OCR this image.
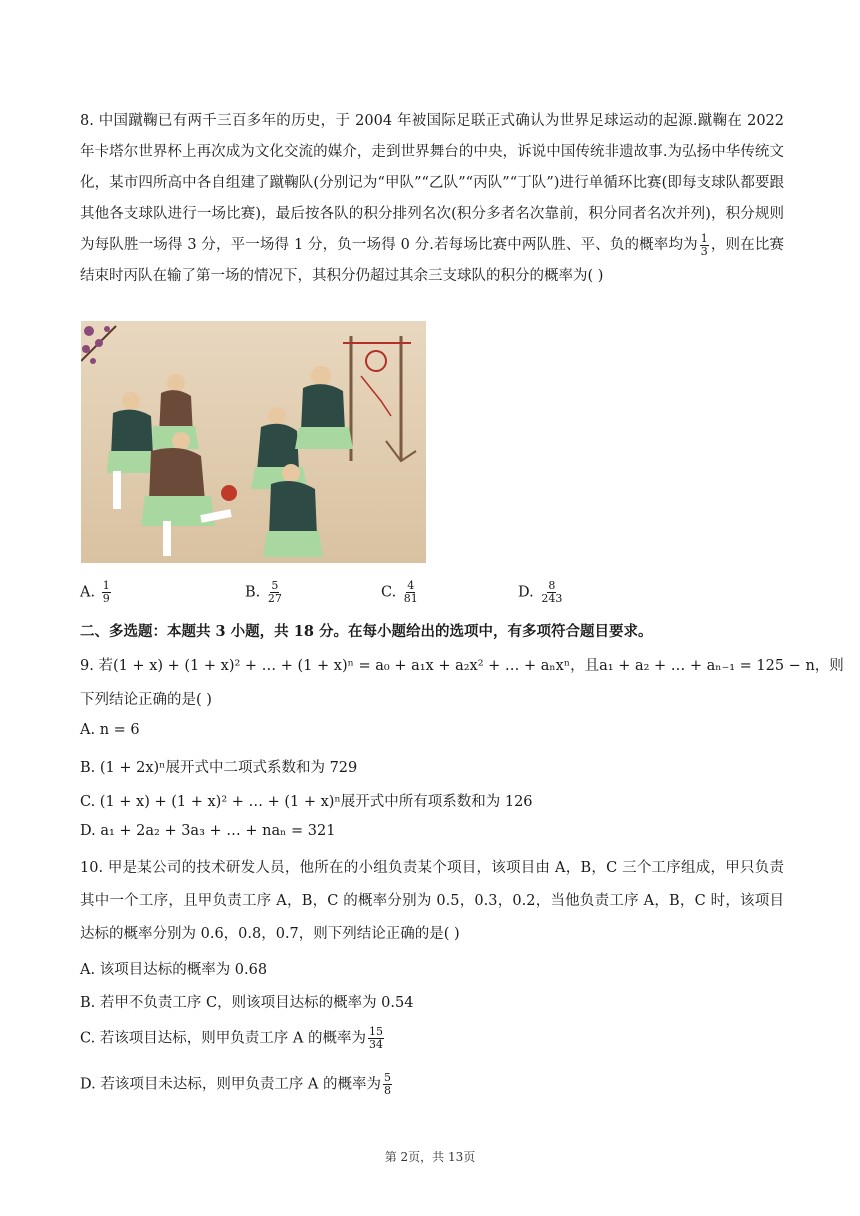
8. 中国蹴鞠已有两千三百多年的历史，于 2004 年被国际足联正式确认为世界足球运动的起源.蹴鞠在 2022 年卡塔尔世界杯上再次成为文化交流的媒介，走到世界舞台的中央，诉说中国传统非遗故事.为弘扬中华传统文化，某市四所高中各自组建了蹴鞠队(分别记为“甲队”“乙队”“丙队”“丁队”)进行单循环比赛(即每支球队都要跟其他各支球队进行一场比赛)，最后按各队的积分排列名次(积分多者名次靠前，积分同者名次并列)，积分规则为每队胜一场得 3 分，平一场得 1 分，负一场得 0 分.若每场比赛中两队胜、平、负的概率均为 $\frac{1}{3}$ ，则在比赛结束时丙队在输了第一场的情况下，其积分仍超过其余三支球队的积分的概率为( )
A. $\frac{1}{9}$	B. $\frac{5}{27}$	C. $\frac{4}{81}$	D. $\frac{8}{243}$
二、多选题：本题共 3 小题，共 18 分。在每小题给出的选项中，有多项符合题目要求。
9. 若(1 + x) + (1 + x)² + … + (1 + x)ⁿ = a₀ + a₁x + a₂x² + … + aₙxⁿ，且a₁ + a₂ + … + aₙ₋₁ = 125 − n，则
下列结论正确的是( )
A. n = 6
B. (1 + 2x)ⁿ展开式中二项式系数和为 729
C. (1 + x) + (1 + x)² + … + (1 + x)ⁿ展开式中所有项系数和为 126
D. a₁ + 2a₂ + 3a₃ + … + naₙ = 321
10. 甲是某公司的技术研发人员，他所在的小组负责某个项目，该项目由 A，B，C 三个工序组成，甲只负责其中一个工序，且甲负责工序 A，B，C 的概率分别为 0.5，0.3，0.2，当他负责工序 A，B，C 时，该项目达标的概率分别为 0.6，0.8，0.7，则下列结论正确的是( )
A. 该项目达标的概率为 0.68
B. 若甲不负责工序 C，则该项目达标的概率为 0.54
C. 若该项目达标，则甲负责工序 A 的概率为 $\frac{15}{34}$
D. 若该项目未达标，则甲负责工序 A 的概率为 $\frac{5}{8}$
第 2页，共 13页
